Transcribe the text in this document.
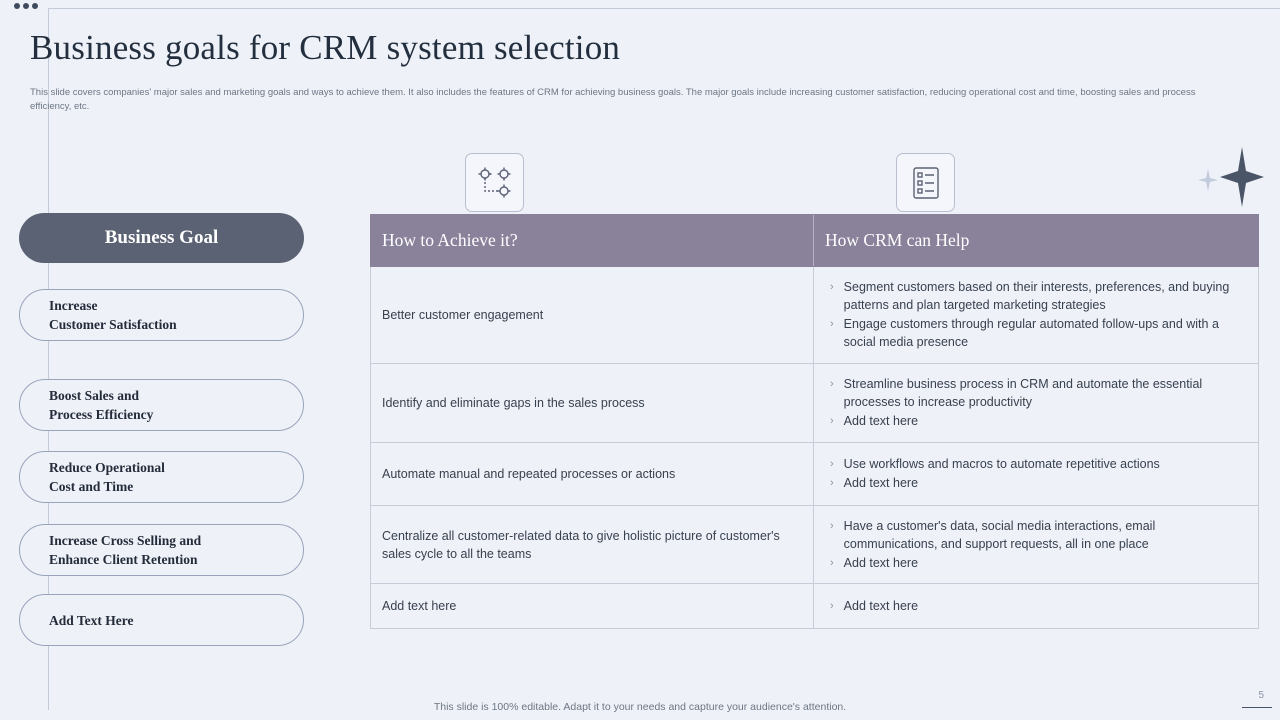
Business goals for CRM system selection
This slide covers companies' major sales and marketing goals and ways to achieve them. It also includes the features of CRM for achieving business goals. The major goals include increasing customer satisfaction, reducing operational cost and time, boosting sales and process efficiency, etc.
Business Goal
Increase
Customer Satisfaction
Boost Sales and
Process Efficiency
Reduce Operational
Cost and Time
Increase Cross Selling and
Enhance Client Retention
Add Text Here
How to Achieve it?	How CRM can Help
Better customer engagement
› Segment customers based on their interests, preferences, and buying patterns and plan targeted marketing strategies
› Engage customers through regular automated follow-ups and with a social media presence
Identify and eliminate gaps in the sales process
› Streamline business process in CRM and automate the essential processes to increase productivity
› Add text here
Automate manual and repeated processes or actions
› Use workflows and macros to automate repetitive actions
› Add text here
Centralize all customer-related data to give holistic picture of customer's sales cycle to all the teams
› Have a customer's data, social media interactions, email communications, and support requests, all in one place
› Add text here
Add text here	› Add text here
This slide is 100% editable. Adapt it to your needs and capture your audience's attention.
5
